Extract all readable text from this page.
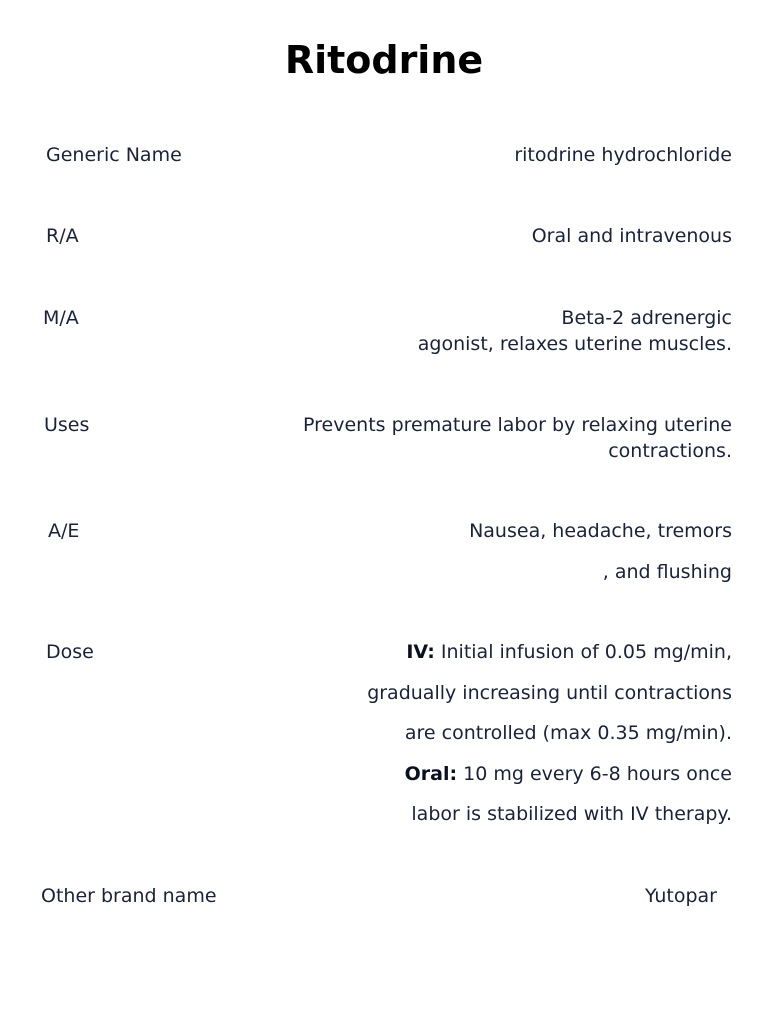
Ritodrine
Generic Name	ritodrine hydrochloride
R/A	Oral and intravenous
M/A	Beta-2 adrenergic
agonist, relaxes uterine muscles.
Uses	Prevents premature labor by relaxing uterine
contractions.
A/E	Nausea, headache, tremors
, and flushing
Dose	IV: Initial infusion of 0.05 mg/min,
gradually increasing until contractions
are controlled (max 0.35 mg/min).
Oral: 10 mg every 6-8 hours once
labor is stabilized with IV therapy.
Other brand name	Yutopar
